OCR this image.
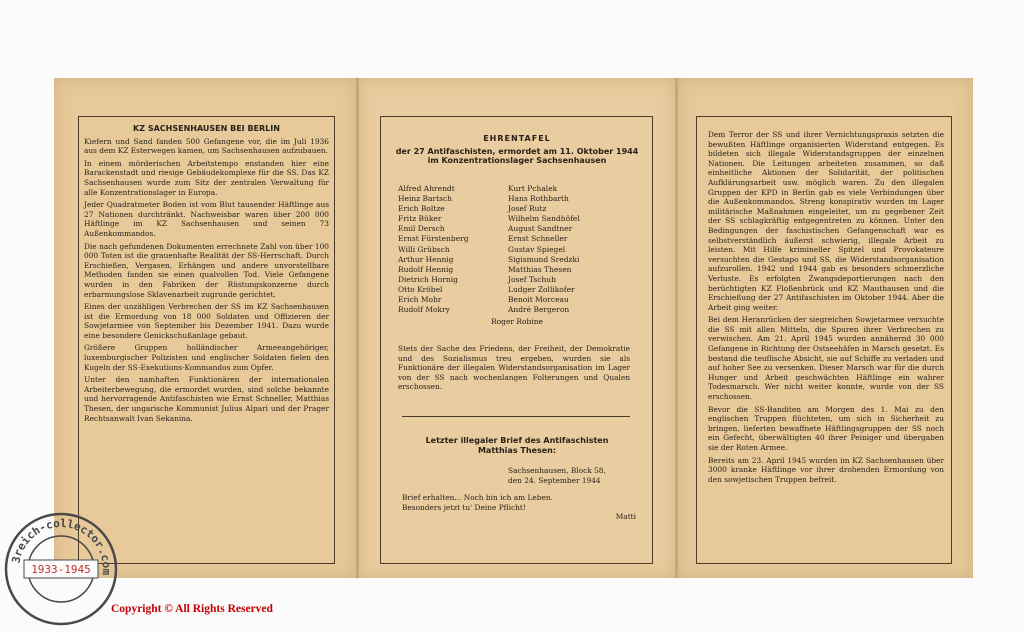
KZ SACHSENHAUSEN BEI BERLIN

Kiefern und Sand fanden 500 Gefangene vor, die im Juli 1936 aus dem KZ Esterwegen kamen, um Sachsenhausen aufzubauen.

In einem mörderischen Arbeitstempo enstanden hier eine Barackenstadt und riesige Gebäudekomplexe für die SS. Das KZ Sachsenhausen wurde zum Sitz der zentralen Verwaltung für alle Konzentrationslager in Europa.

Jeder Quadratmeter Boden ist vom Blut tausender Häftlinge aus 27 Nationen durchtränkt. Nachweisbar waren über 200 000 Häftlinge im KZ Sachsenhausen und seinen 73 Außenkommandos.

Die nach gefundenen Dokumenten errechnete Zahl von über 100 000 Toten ist die grauenhafte Realität der SS-Herrschaft. Durch Erschießen, Vergasen, Erhängen und andere unvorstellbare Methoden fanden sie einen qualvollen Tod. Viele Gefangene wurden in den Fabriken der Rüstungskonzerne durch erbarmungslose Sklavenarbeit zugrunde gerichtet.

Eines der unzähligen Verbrechen der SS im KZ Sachsenhausen ist die Ermordung von 18 000 Soldaten und Offizieren der Sowjetarmee von September bis Dezember 1941. Dazu wurde eine besondere Genickschußanlage gebaut.

Größere Gruppen holländischer Armeeangehöriger, luxemburgischer Polizisten und englischer Soldaten fielen den Kugeln der SS-Exekutions-Kommandos zum Opfer.

Unter den namhaften Funktionären der internationalen Arbeiterbewegung, die ermordet wurden, sind solche bekannte und hervorragende Antifaschisten wie Ernst Schneller, Matthias Thesen, der ungarische Kommunist Julius Alpari und der Prager Rechtsanwalt Ivan Sekanina.

EHRENTAFEL
der 27 Antifaschisten, ermordet am 11. Oktober 1944
im Konzentrationslager Sachsenhausen
Alfred Ahrendt
Heinz Bartsch
Erich Boltze
Fritz Büker
Emil Dersch
Ernst Fürstenberg
Willi Grübsch
Arthur Hennig
Rudolf Hennig
Dietrich Hornig
Otto Kröbel
Erich Mohr
Rudolf Mokry
Kurt Pchalek
Hans Rothbarth
Josef Rutz
Wilhelm Sandhöfel
August Sandtner
Ernst Schneller
Gustav Spiegel
Sigismund Sredzki
Matthias Thesen
Josef Tschub
Ludger Zollikofer
Benoit Morceau
André Bergeron
Roger Robine
Stets der Sache des Friedens, der Freiheit, der Demokratie und des Sozialismus treu ergeben, wurden sie als Funktionäre der illegalen Widerstandsorganisation im Lager von der SS nach wochenlangen Folterungen und Qualen erschossen.
Letzter illegaler Brief des Antifaschisten
Matthias Thesen:
Sachsenhausen, Block 58,
den 24. September 1944
Brief erhalten... Noch bin ich am Leben.
Besonders jetzt tu' Deine Pflicht!
Matti

Dem Terror der SS und ihrer Vernichtungspraxis setzten die bewußten Häftlinge organisierten Widerstand entgegen. Es bildeten sich illegale Widerstandsgruppen der einzelnen Nationen. Die Leitungen arbeiteten zusammen, so daß einheitliche Aktionen der Solidarität, der politischen Aufklärungsarbeit usw. möglich waren. Zu den illegalen Gruppen der KPD in Berlin gab es viele Verbindungen über die Außenkommandos. Streng konspirativ wurden im Lager militärische Maßnahmen eingeleitet, um zu gegebener Zeit der SS schlagkräftig entgegentreten zu können. Unter den Bedingungen der faschistischen Gefangenschaft war es selbstverständlich äußerst schwierig, illegale Arbeit zu leisten. Mit Hilfe krimineller Spitzel und Provokateure versuchten die Gestapo und SS, die Widerstandsorganisation aufzurollen. 1942 und 1944 gab es besonders schmerzliche Verluste. Es erfolgten Zwangsdeportierungen nach den berüchtigten KZ Floßenbrück und KZ Mauthausen und die Erschießung der 27 Antifaschisten im Oktober 1944. Aber die Arbeit ging weiter.

Bei dem Heranrücken der siegreichen Sowjetarmee versuchte die SS mit allen Mitteln, die Spuren ihrer Verbrechen zu verwischen. Am 21. April 1945 wurden annähernd 30 000 Gefangene in Richtung der Ostseehäfen in Marsch gesetzt. Es bestand die teuflische Absicht, sie auf Schiffe zu verladen und auf hoher See zu versenken. Dieser Marsch war für die durch Hunger und Arbeit geschwächten Häftlinge ein wahrer Todesmarsch. Wer nicht weiter konnte, wurde von der SS erschossen.

Bevor die SS-Banditen am Morgen des 1. Mai zu den englischen Truppen flüchteten, um sich in Sicherheit zu bringen, lieferten bewaffnete Häftlingsgruppen der SS noch ein Gefecht, überwältigten 40 ihrer Peiniger und übergaben sie der Roten Armee.

Bereits am 23. April 1945 wurden im KZ Sachsenhausen über 3000 kranke Häftlinge vor ihrer drohenden Ermordung von den sowjetischen Truppen befreit.

3reich-collector.com
1933-1945
Copyright © All Rights Reserved
